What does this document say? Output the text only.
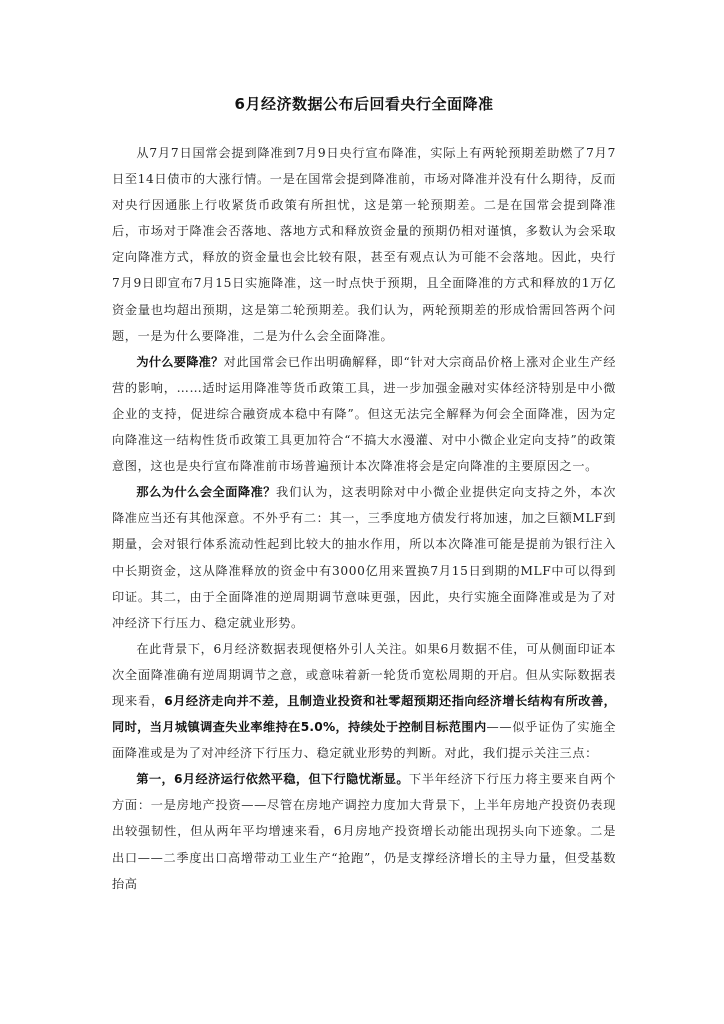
6月经济数据公布后回看央行全面降准

从7月7日国常会提到降准到7月9日央行宣布降准，实际上有两轮预期差助燃了7月7日至14日债市的大涨行情。一是在国常会提到降准前，市场对降准并没有什么期待，反而对央行因通胀上行收紧货币政策有所担忧，这是第一轮预期差。二是在国常会提到降准后，市场对于降准会否落地、落地方式和释放资金量的预期仍相对谨慎，多数认为会采取定向降准方式，释放的资金量也会比较有限，甚至有观点认为可能不会落地。因此，央行7月9日即宣布7月15日实施降准，这一时点快于预期，且全面降准的方式和释放的1万亿资金量也均超出预期，这是第二轮预期差。我们认为，两轮预期差的形成恰需回答两个问题，一是为什么要降准，二是为什么会全面降准。

为什么要降准？对此国常会已作出明确解释，即“针对大宗商品价格上涨对企业生产经营的影响，……适时运用降准等货币政策工具，进一步加强金融对实体经济特别是中小微企业的支持，促进综合融资成本稳中有降”。但这无法完全解释为何会全面降准，因为定向降准这一结构性货币政策工具更加符合“不搞大水漫灌、对中小微企业定向支持”的政策意图，这也是央行宣布降准前市场普遍预计本次降准将会是定向降准的主要原因之一。

那么为什么会全面降准？我们认为，这表明除对中小微企业提供定向支持之外，本次降准应当还有其他深意。不外乎有二：其一，三季度地方债发行将加速，加之巨额MLF到期量，会对银行体系流动性起到比较大的抽水作用，所以本次降准可能是提前为银行注入中长期资金，这从降准释放的资金中有3000亿用来置换7月15日到期的MLF中可以得到印证。其二，由于全面降准的逆周期调节意味更强，因此，央行实施全面降准或是为了对冲经济下行压力、稳定就业形势。

在此背景下，6月经济数据表现便格外引人关注。如果6月数据不佳，可从侧面印证本次全面降准确有逆周期调节之意，或意味着新一轮货币宽松周期的开启。但从实际数据表现来看，6月经济走向并不差，且制造业投资和社零超预期还指向经济增长结构有所改善，同时，当月城镇调查失业率维持在5.0%，持续处于控制目标范围内——似乎证伪了实施全面降准或是为了对冲经济下行压力、稳定就业形势的判断。对此，我们提示关注三点：

第一，6月经济运行依然平稳，但下行隐忧渐显。下半年经济下行压力将主要来自两个方面：一是房地产投资——尽管在房地产调控力度加大背景下，上半年房地产投资仍表现出较强韧性，但从两年平均增速来看，6月房地产投资增长动能出现拐头向下迹象。二是出口——二季度出口高增带动工业生产“抢跑”，仍是支撑经济增长的主导力量，但受基数抬高
